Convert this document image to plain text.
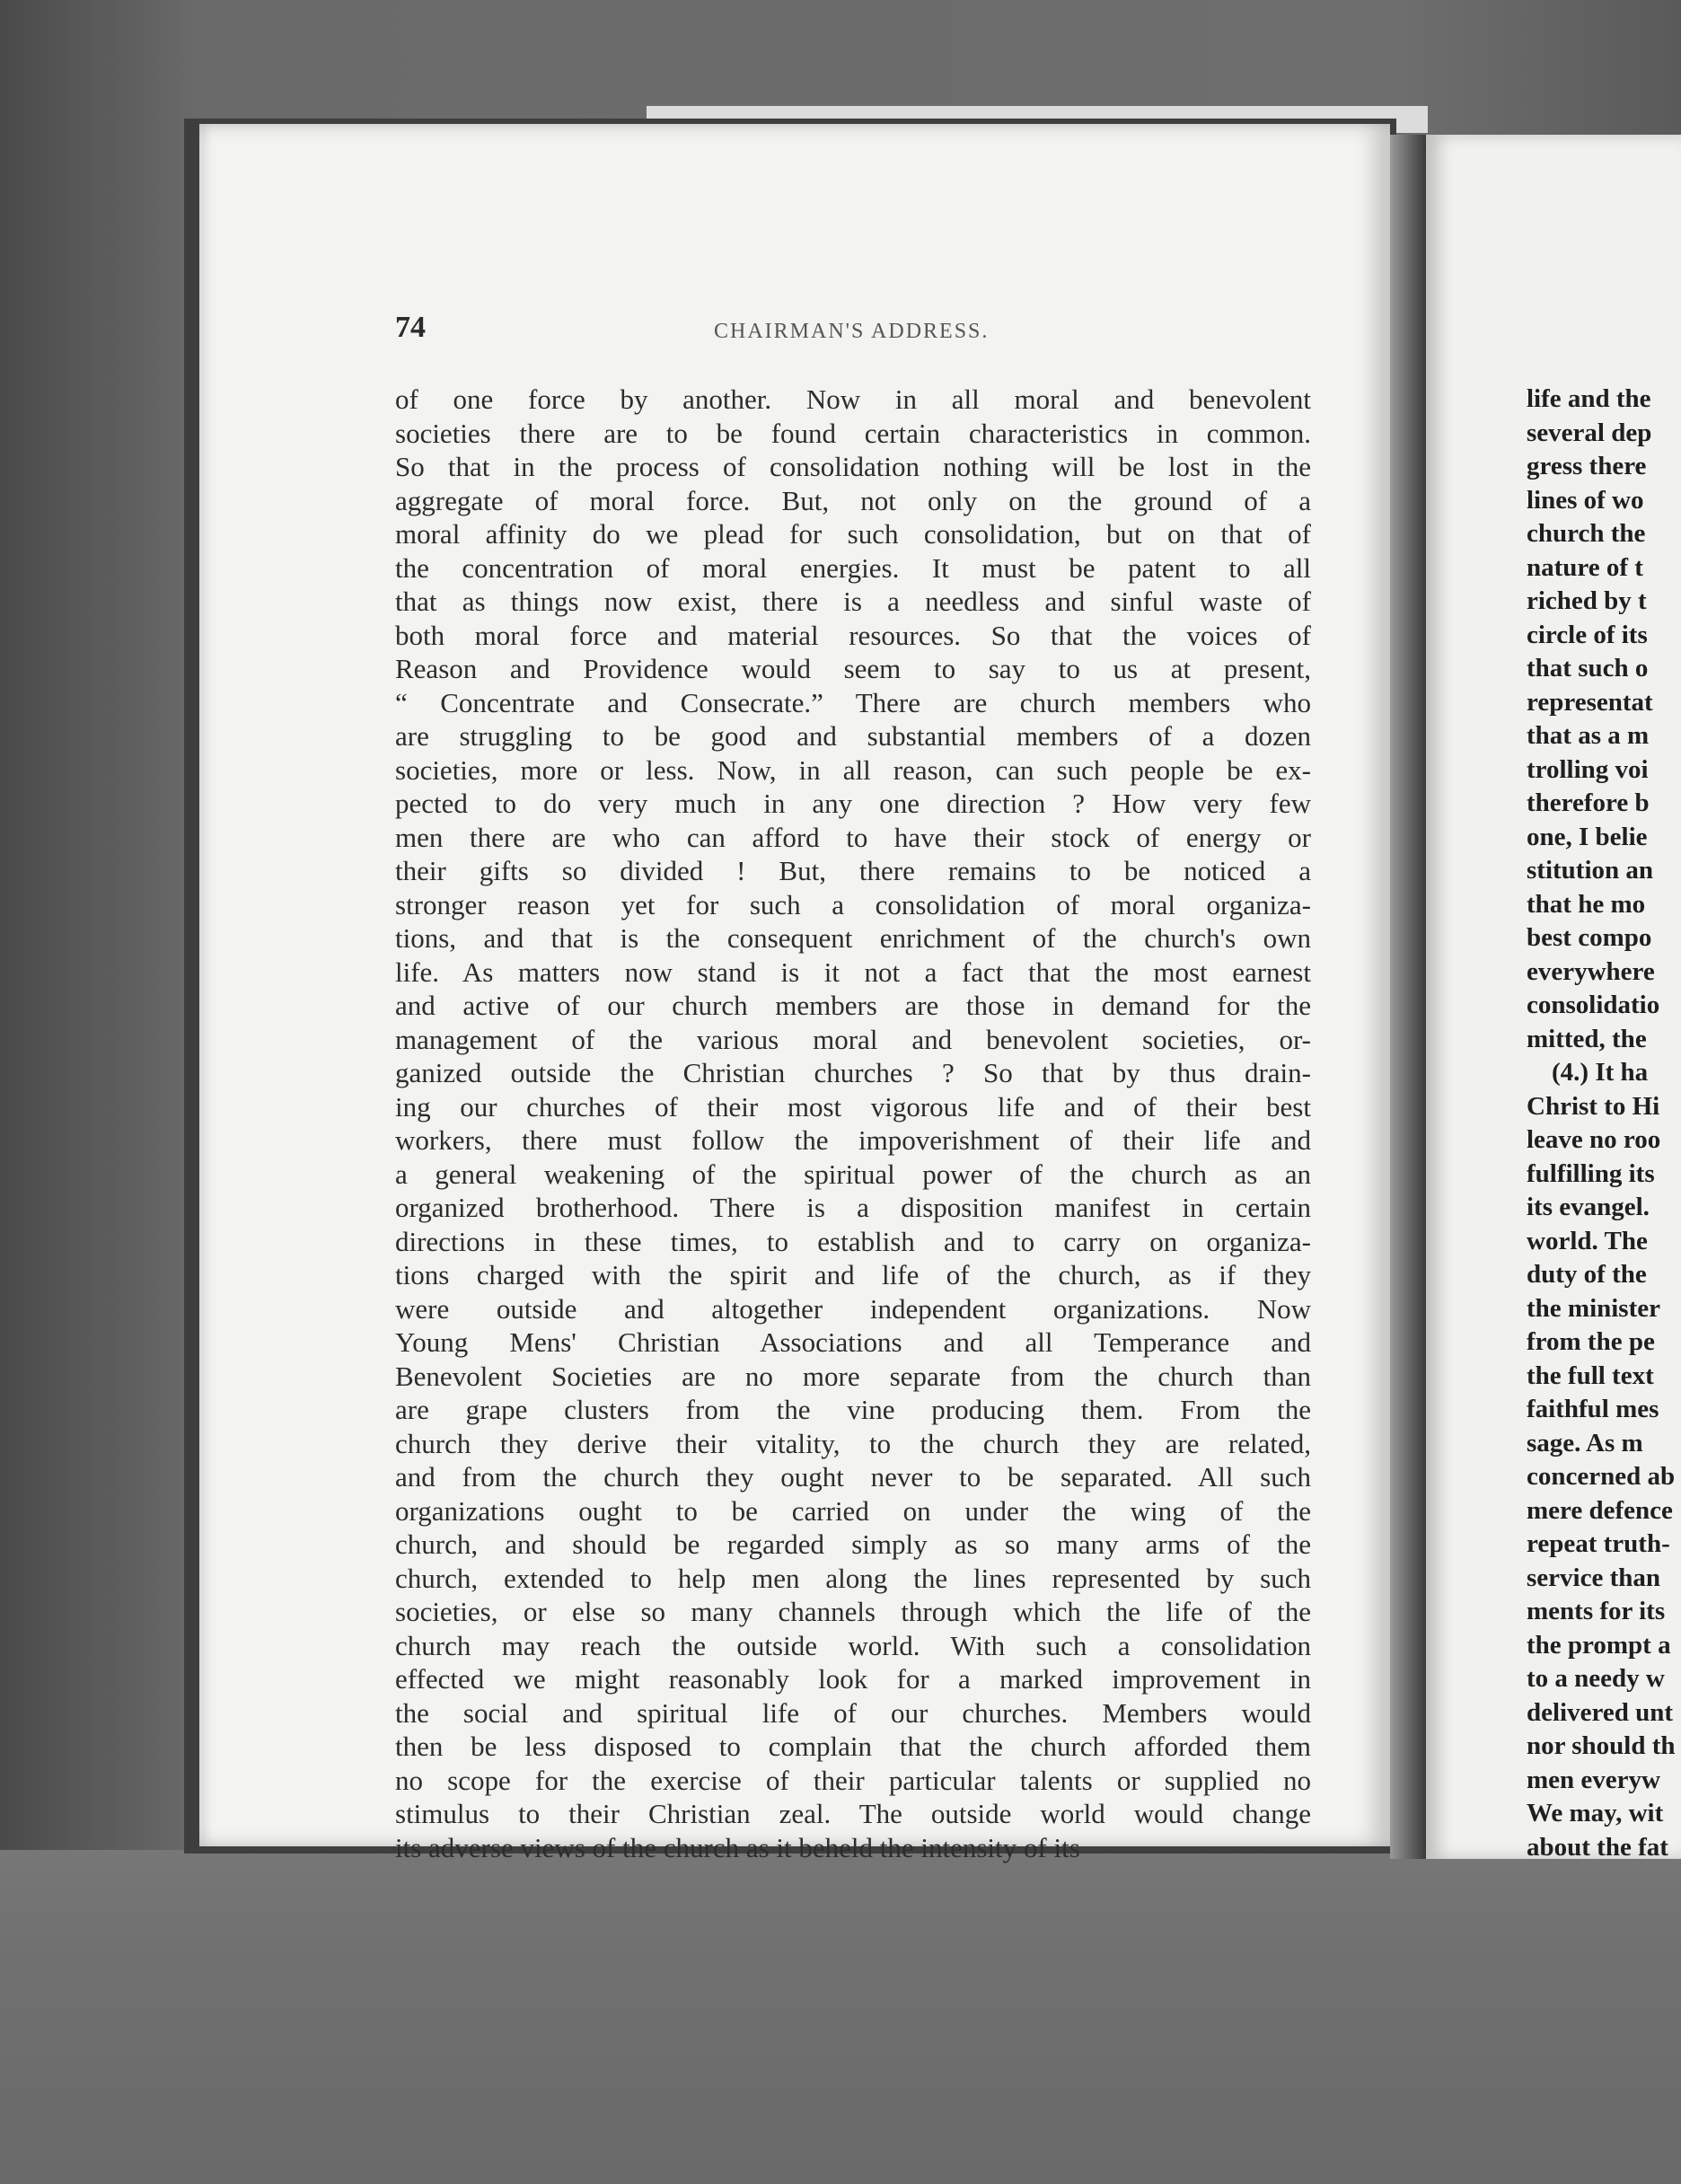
74	CHAIRMAN'S ADDRESS.
of one force by another. Now in all moral and benevolent
societies there are to be found certain characteristics in common.
So that in the process of consolidation nothing will be lost in the
aggregate of moral force. But, not only on the ground of a
moral affinity do we plead for such consolidation, but on that of
the concentration of moral energies. It must be patent to all
that as things now exist, there is a needless and sinful waste of
both moral force and material resources. So that the voices of
Reason and Providence would seem to say to us at present,
“ Concentrate and Consecrate.” There are church members who
are struggling to be good and substantial members of a dozen
societies, more or less. Now, in all reason, can such people be ex-
pected to do very much in any one direction ? How very few
men there are who can afford to have their stock of energy or
their gifts so divided ! But, there remains to be noticed a
stronger reason yet for such a consolidation of moral organiza-
tions, and that is the consequent enrichment of the church's own
life. As matters now stand is it not a fact that the most earnest
and active of our church members are those in demand for the
management of the various moral and benevolent societies, or-
ganized outside the Christian churches ? So that by thus drain-
ing our churches of their most vigorous life and of their best
workers, there must follow the impoverishment of their life and
a general weakening of the spiritual power of the church as an
organized brotherhood. There is a disposition manifest in certain
directions in these times, to establish and to carry on organiza-
tions charged with the spirit and life of the church, as if they
were outside and altogether independent organizations. Now
Young Mens' Christian Associations and all Temperance and
Benevolent Societies are no more separate from the church than
are grape clusters from the vine producing them. From the
church they derive their vitality, to the church they are related,
and from the church they ought never to be separated. All such
organizations ought to be carried on under the wing of the
church, and should be regarded simply as so many arms of the
church, extended to help men along the lines represented by such
societies, or else so many channels through which the life of the
church may reach the outside world. With such a consolidation
effected we might reasonably look for a marked improvement in
the social and spiritual life of our churches. Members would
then be less disposed to complain that the church afforded them
no scope for the exercise of their particular talents or supplied no
stimulus to their Christian zeal. The outside world would change
its adverse views of the church as it beheld the intensity of its
life and the
several dep
gress there
lines of wo
church the
nature of t
riched by t
circle of its
that such o
representat
that as a m
trolling voi
therefore b
one, I belie
stitution an
that he mo
best compo
everywhere
consolidatio
mitted, the
(4.) It ha
Christ to Hi
leave no roo
fulfilling its
its evangel.
world. The
duty of the
the minister
from the pe
the full text
faithful mes
sage. As m
concerned ab
mere defence
repeat truth-
service than
ments for its
the prompt a
to a needy w
delivered unt
nor should th
men everyw
We may, wit
about the fat
